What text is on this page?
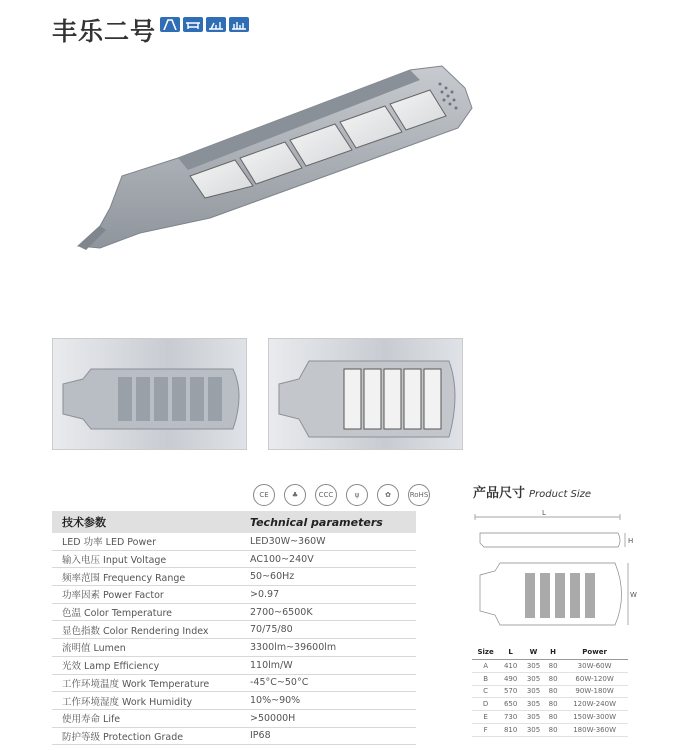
丰乐二号
CE	♣	CCC	ψ	✿	RoHS
技术参数	Technical parameters
LED 功率 LED Power	LED30W~360W
输入电压 Input Voltage	AC100~240V
频率范围 Frequency Range	50~60Hz
功率因素 Power Factor	>0.97
色温 Color Temperature	2700~6500K
显色指数 Color Rendering Index	70/75/80
流明值 Lumen	3300lm~39600lm
光效 Lamp Efficiency	110lm/W
工作环境温度 Work Temperature	-45°C~50°C
工作环境湿度 Work Humidity	10%~90%
使用寿命 Life	>50000H
防护等级 Protection Grade	IP68
产品尺寸 Product Size
L
H
W
Size	L	W	H	Power
A	410	305	80	30W-60W
B	490	305	80	60W-120W
C	570	305	80	90W-180W
D	650	305	80	120W-240W
E	730	305	80	150W-300W
F	810	305	80	180W-360W
